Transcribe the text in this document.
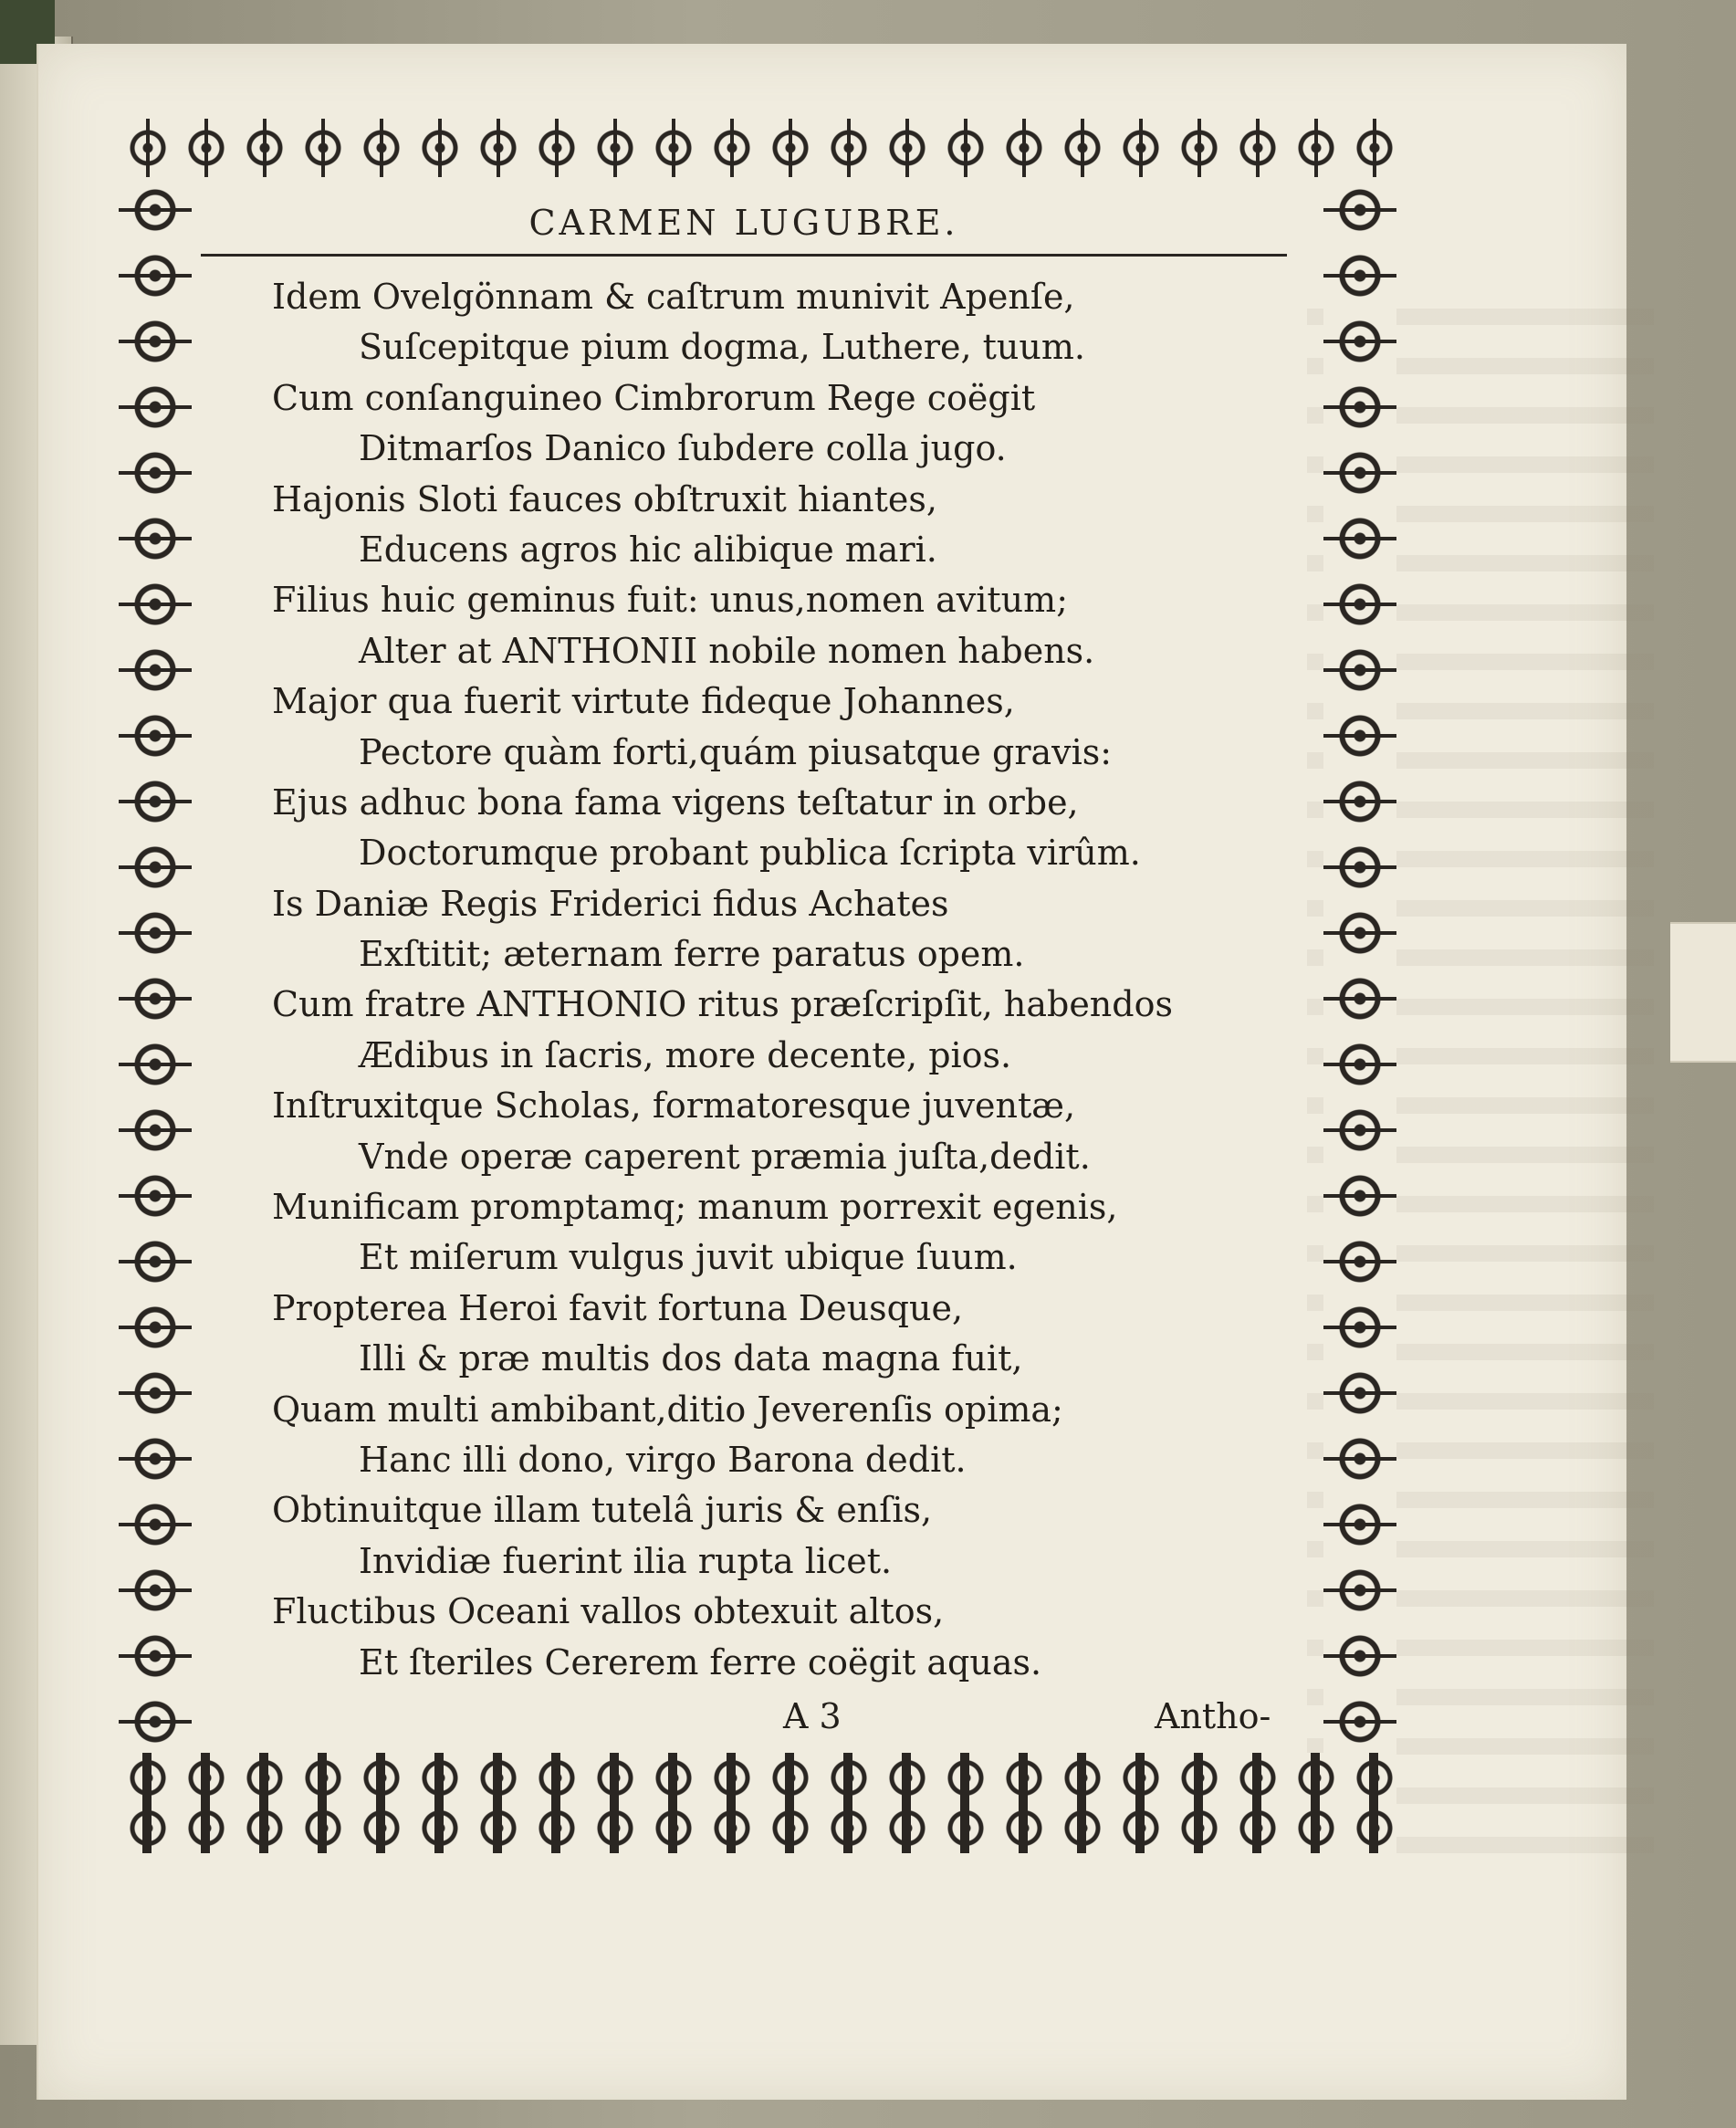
CARMEN LUGUBRE.
Idem Ovelgönnam & caſtrum munivit Apenſe,
Suſcepitque pium dogma, Luthere, tuum.
Cum conſanguineo Cimbrorum Rege coëgit
Ditmarſos Danico ſubdere colla jugo.
Hajonis Sloti fauces obſtruxit hiantes,
Educens agros hic alibique mari.
Filius huic geminus fuit: unus,nomen avitum;
Alter at ANTHONII nobile nomen habens.
Major qua fuerit virtute fideque Johannes,
Pectore quàm forti,quám piusatque gravis:
Ejus adhuc bona fama vigens teſtatur in orbe,
Doctorumque probant publica ſcripta virûm.
Is Daniæ Regis Friderici fidus Achates
Exſtitit; æternam ferre paratus opem.
Cum fratre ANTHONIO ritus præſcripſit, habendos
Ædibus in ſacris, more decente, pios.
Inſtruxitque Scholas, formatoresque juventæ,
Vnde operæ caperent præmia juſta,dedit.
Munificam promptamq; manum porrexit egenis,
Et miſerum vulgus juvit ubique ſuum.
Propterea Heroi favit fortuna Deusque,
Illi & præ multis dos data magna fuit,
Quam multi ambibant,ditio Jeverenſis opima;
Hanc illi dono, virgo Barona dedit.
Obtinuitque illam tutelâ juris & enſis,
Invidiæ fuerint ilia rupta licet.
Fluctibus Oceani vallos obtexuit altos,
Et ſteriles Cererem ferre coëgit aquas.
A 3	Antho-
